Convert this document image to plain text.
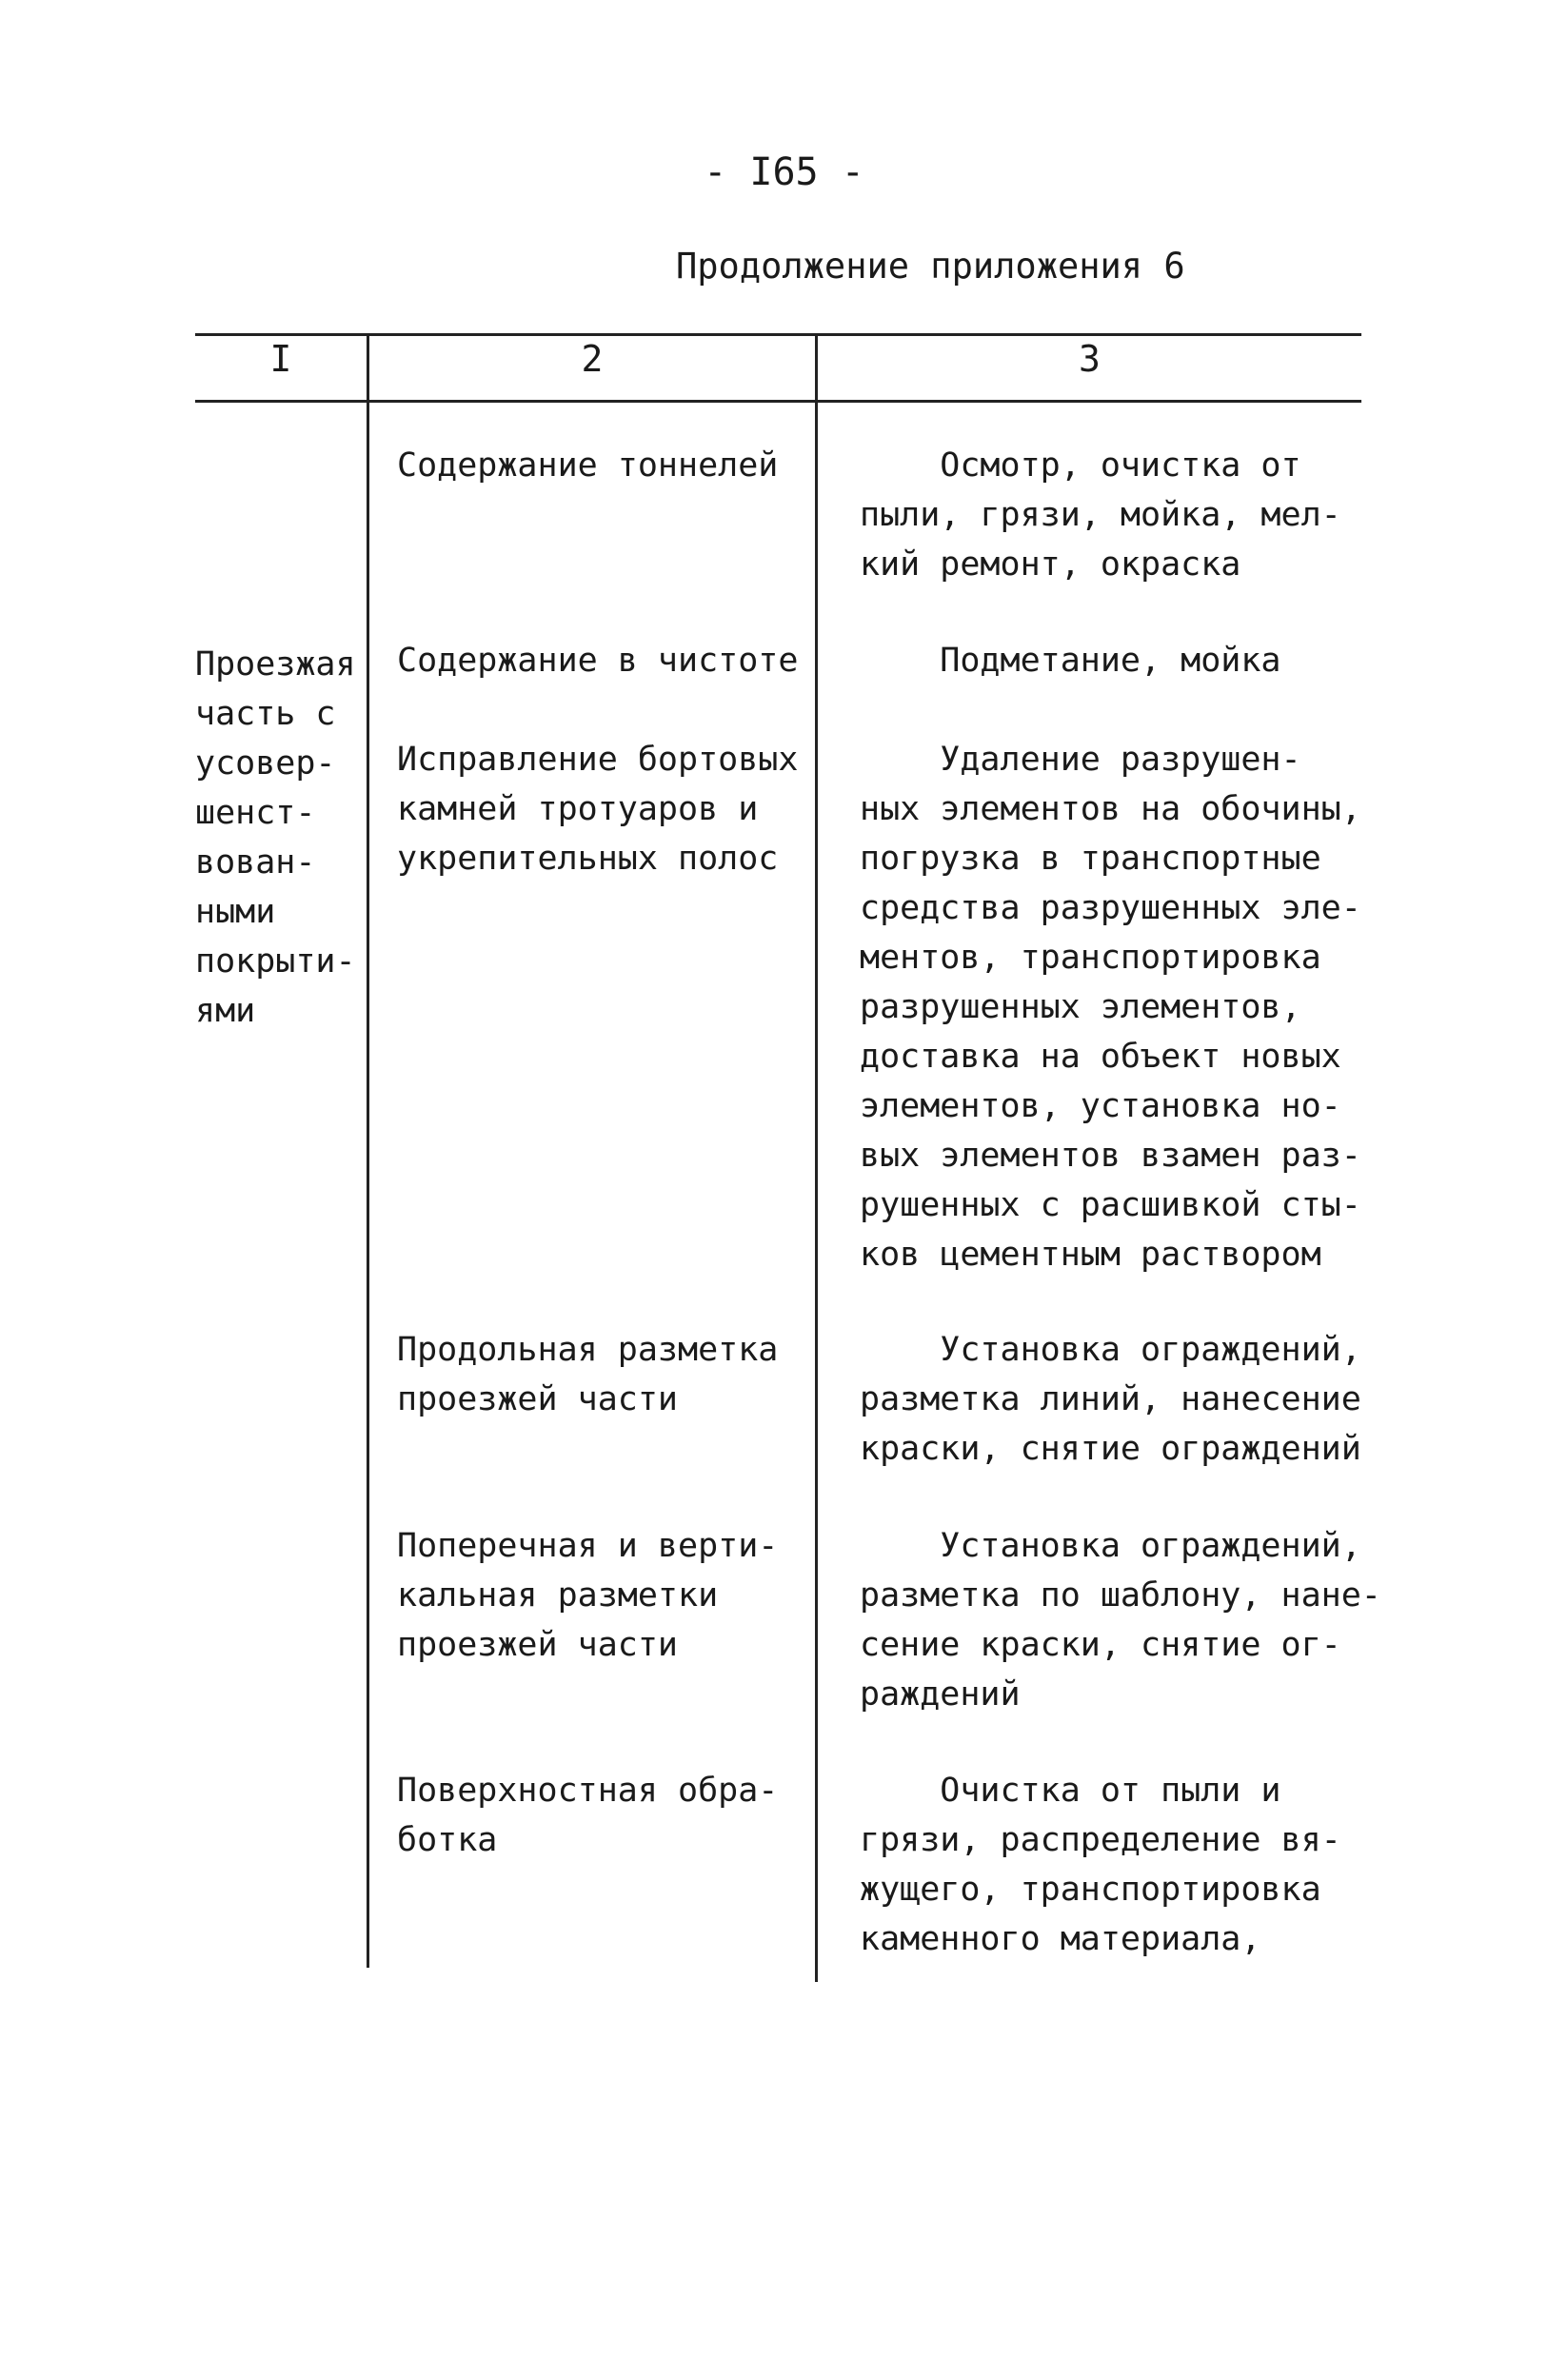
- I65 -
Продолжение приложения 6
I	2	3
Проезжая
часть с
усовер-
шенст-
вован-
ными
покрыти-
ями
Содержание тоннелей Осмотр, очистка от
пыли, грязи, мойка, мел-
кий ремонт, окраска
Содержание в чистоте Подметание, мойка
Исправление бортовых
камней тротуаров и
укрепительных полос
Удаление разрушен-
ных элементов на обочины,
погрузка в транспортные
средства разрушенных эле-
ментов, транспортировка
разрушенных элементов,
доставка на объект новых
элементов, установка но-
вых элементов взамен раз-
рушенных с расшивкой сты-
ков цементным раствором
Продольная разметка
проезжей части
Установка ограждений,
разметка линий, нанесение
краски, снятие ограждений
Поперечная и верти-
кальная разметки
проезжей части
Установка ограждений,
разметка по шаблону, нане-
сение краски, снятие ог-
раждений
Поверхностная обра-
ботка
Очистка от пыли и
грязи, распределение вя-
жущего, транспортировка
каменного материала,
